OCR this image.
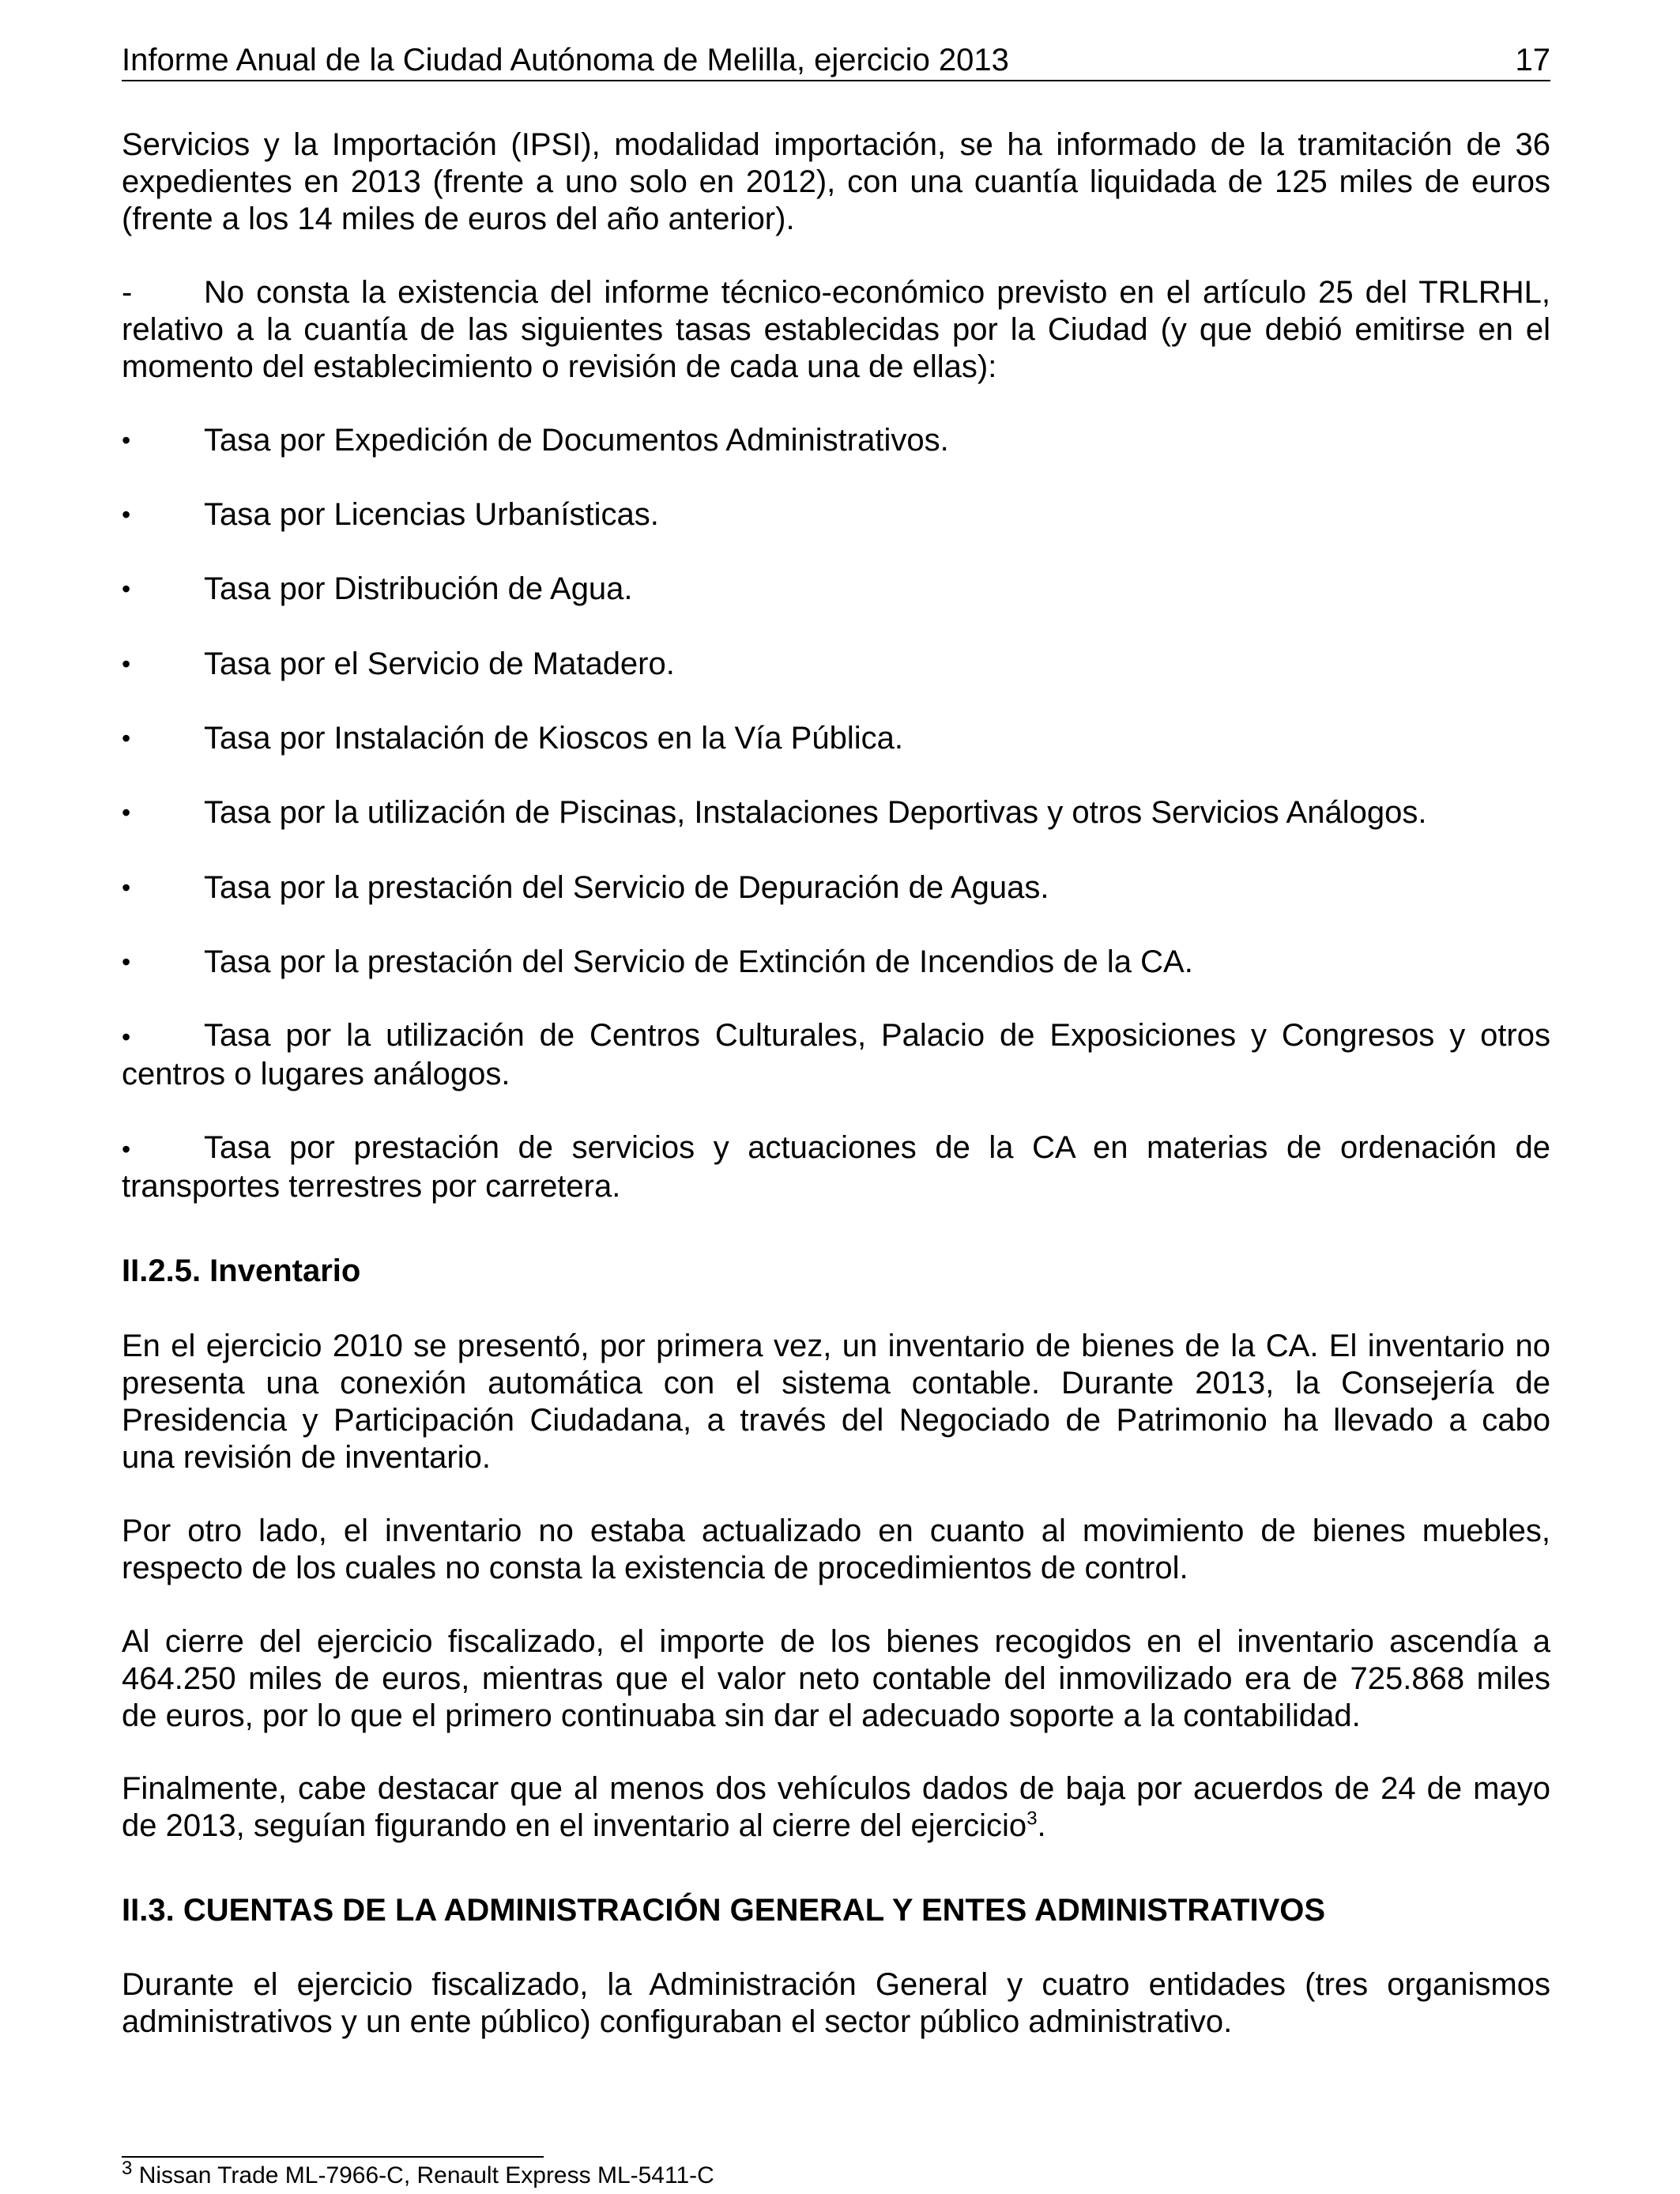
Informe Anual de la Ciudad Autónoma de Melilla, ejercicio 2013	17
Servicios y la Importación (IPSI), modalidad importación, se ha informado de la tramitación de 36
expedientes en 2013 (frente a uno solo en 2012), con una cuantía liquidada de 125 miles de euros
(frente a los 14 miles de euros del año anterior).
- No consta la existencia del informe técnico-económico previsto en el artículo 25 del TRLRHL,
relativo a la cuantía de las siguientes tasas establecidas por la Ciudad (y que debió emitirse en el
momento del establecimiento o revisión de cada una de ellas):
•	Tasa por Expedición de Documentos Administrativos.
•	Tasa por Licencias Urbanísticas.
•	Tasa por Distribución de Agua.
•	Tasa por el Servicio de Matadero.
•	Tasa por Instalación de Kioscos en la Vía Pública.
•	Tasa por la utilización de Piscinas, Instalaciones Deportivas y otros Servicios Análogos.
•	Tasa por la prestación del Servicio de Depuración de Aguas.
•	Tasa por la prestación del Servicio de Extinción de Incendios de la CA.
• Tasa por la utilización de Centros Culturales, Palacio de Exposiciones y Congresos y otros
centros o lugares análogos.
• Tasa por prestación de servicios y actuaciones de la CA en materias de ordenación de
transportes terrestres por carretera.
II.2.5. Inventario
En el ejercicio 2010 se presentó, por primera vez, un inventario de bienes de la CA. El inventario no
presenta una conexión automática con el sistema contable. Durante 2013, la Consejería de
Presidencia y Participación Ciudadana, a través del Negociado de Patrimonio ha llevado a cabo
una revisión de inventario.
Por otro lado, el inventario no estaba actualizado en cuanto al movimiento de bienes muebles,
respecto de los cuales no consta la existencia de procedimientos de control.
Al cierre del ejercicio fiscalizado, el importe de los bienes recogidos en el inventario ascendía a
464.250 miles de euros, mientras que el valor neto contable del inmovilizado era de 725.868 miles
de euros, por lo que el primero continuaba sin dar el adecuado soporte a la contabilidad.
Finalmente, cabe destacar que al menos dos vehículos dados de baja por acuerdos de 24 de mayo
de 2013, seguían figurando en el inventario al cierre del ejercicio$^3$.
II.3. CUENTAS DE LA ADMINISTRACIÓN GENERAL Y ENTES ADMINISTRATIVOS
Durante el ejercicio fiscalizado, la Administración General y cuatro entidades (tres organismos
administrativos y un ente público) configuraban el sector público administrativo.
$^3$ Nissan Trade ML-7966-C, Renault Express ML-5411-C
